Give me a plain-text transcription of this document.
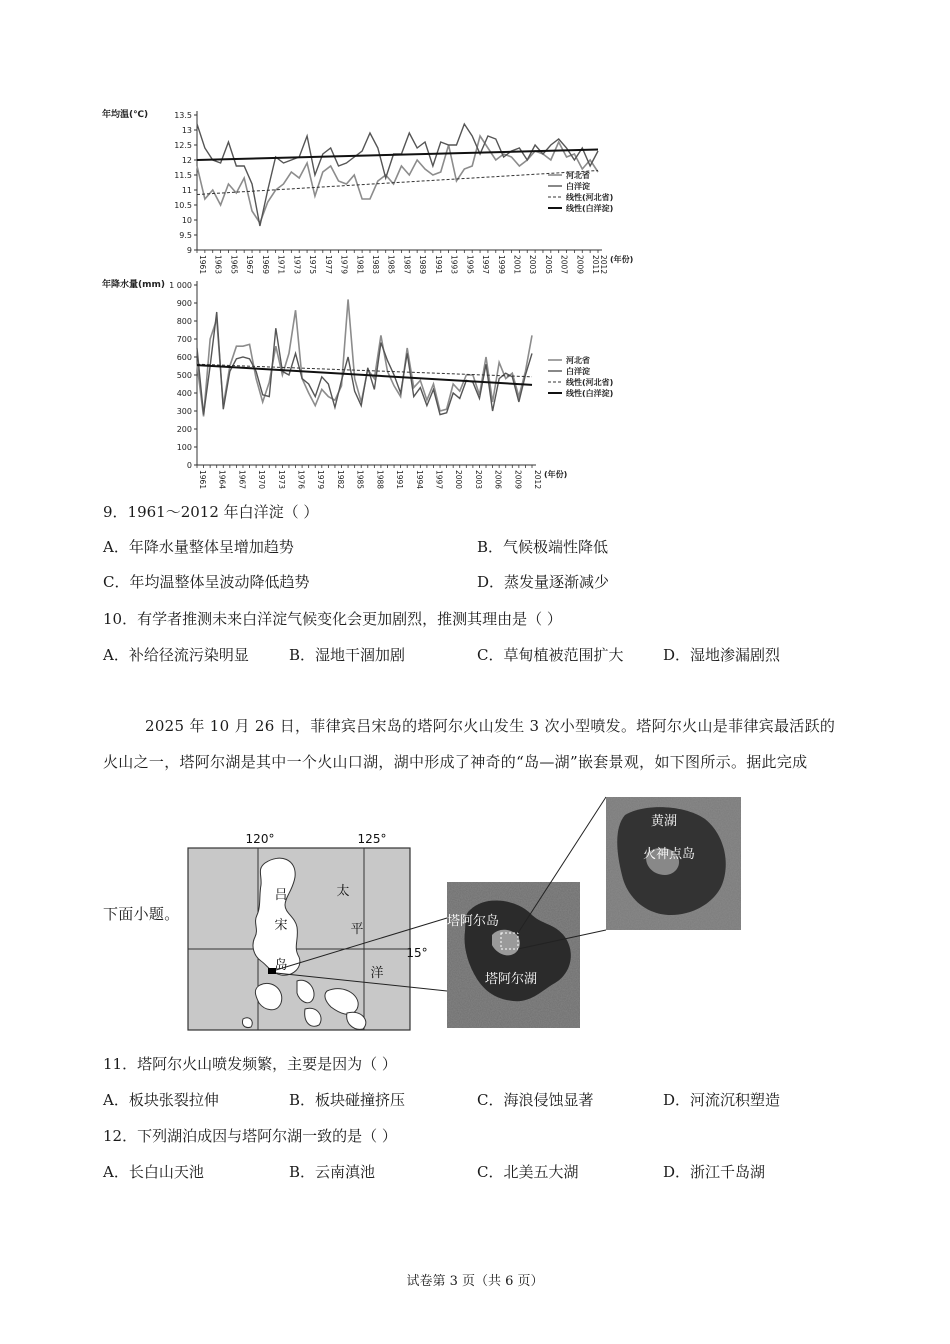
13.5
13
12.5
12
11.5
11
10.5
10
9.5
9
1961 1963 1965 1967 1969 1971 1973 1975 1977 1979 1981 1983 1985 1987 1989 1991 1993 1995 1997 1999 2001 2003 2005 2007 2009 2011
2012
年均温(℃)
(年份)
河北省
白洋淀
线性(河北省)
线性(白洋淀)
1 000
900
800
700
600
500
400
300
200
100
0
1961 1964 1967 1970 1973 1976 1979 1982 1985 1988 1991 1994 1997 2000 2003 2006 2009 2012
年降水量(mm)
(年份)
河北省
白洋淀
线性(河北省)
线性(白洋淀)
9．1961～2012 年白洋淀（ ）
A．年降水量整体呈增加趋势	B．气候极端性降低
C．年均温整体呈波动降低趋势	D．蒸发量逐渐减少
10．有学者推测未来白洋淀气候变化会更加剧烈，推测其理由是（ ）
A．补给径流污染明显	B．湿地干涸加剧	C．草甸植被范围扩大	D．湿地渗漏剧烈
2025 年 10 月 26 日，菲律宾吕宋岛的塔阿尔火山发生 3 次小型喷发。塔阿尔火山是菲律宾最活跃的
火山之一，塔阿尔湖是其中一个火山口湖，湖中形成了神奇的“岛—湖”嵌套景观，如下图所示。据此完成
下面小题。
120°	125°
15°
吕
宋
岛
太
平
洋
塔阿尔岛
塔阿尔湖
黄湖
火神点岛
11．塔阿尔火山喷发频繁，主要是因为（ ）
A．板块张裂拉伸	B．板块碰撞挤压	C．海浪侵蚀显著	D．河流沉积塑造
12．下列湖泊成因与塔阿尔湖一致的是（ ）
A．长白山天池	B．云南滇池	C．北美五大湖	D．浙江千岛湖
试卷第 3 页（共 6 页）
